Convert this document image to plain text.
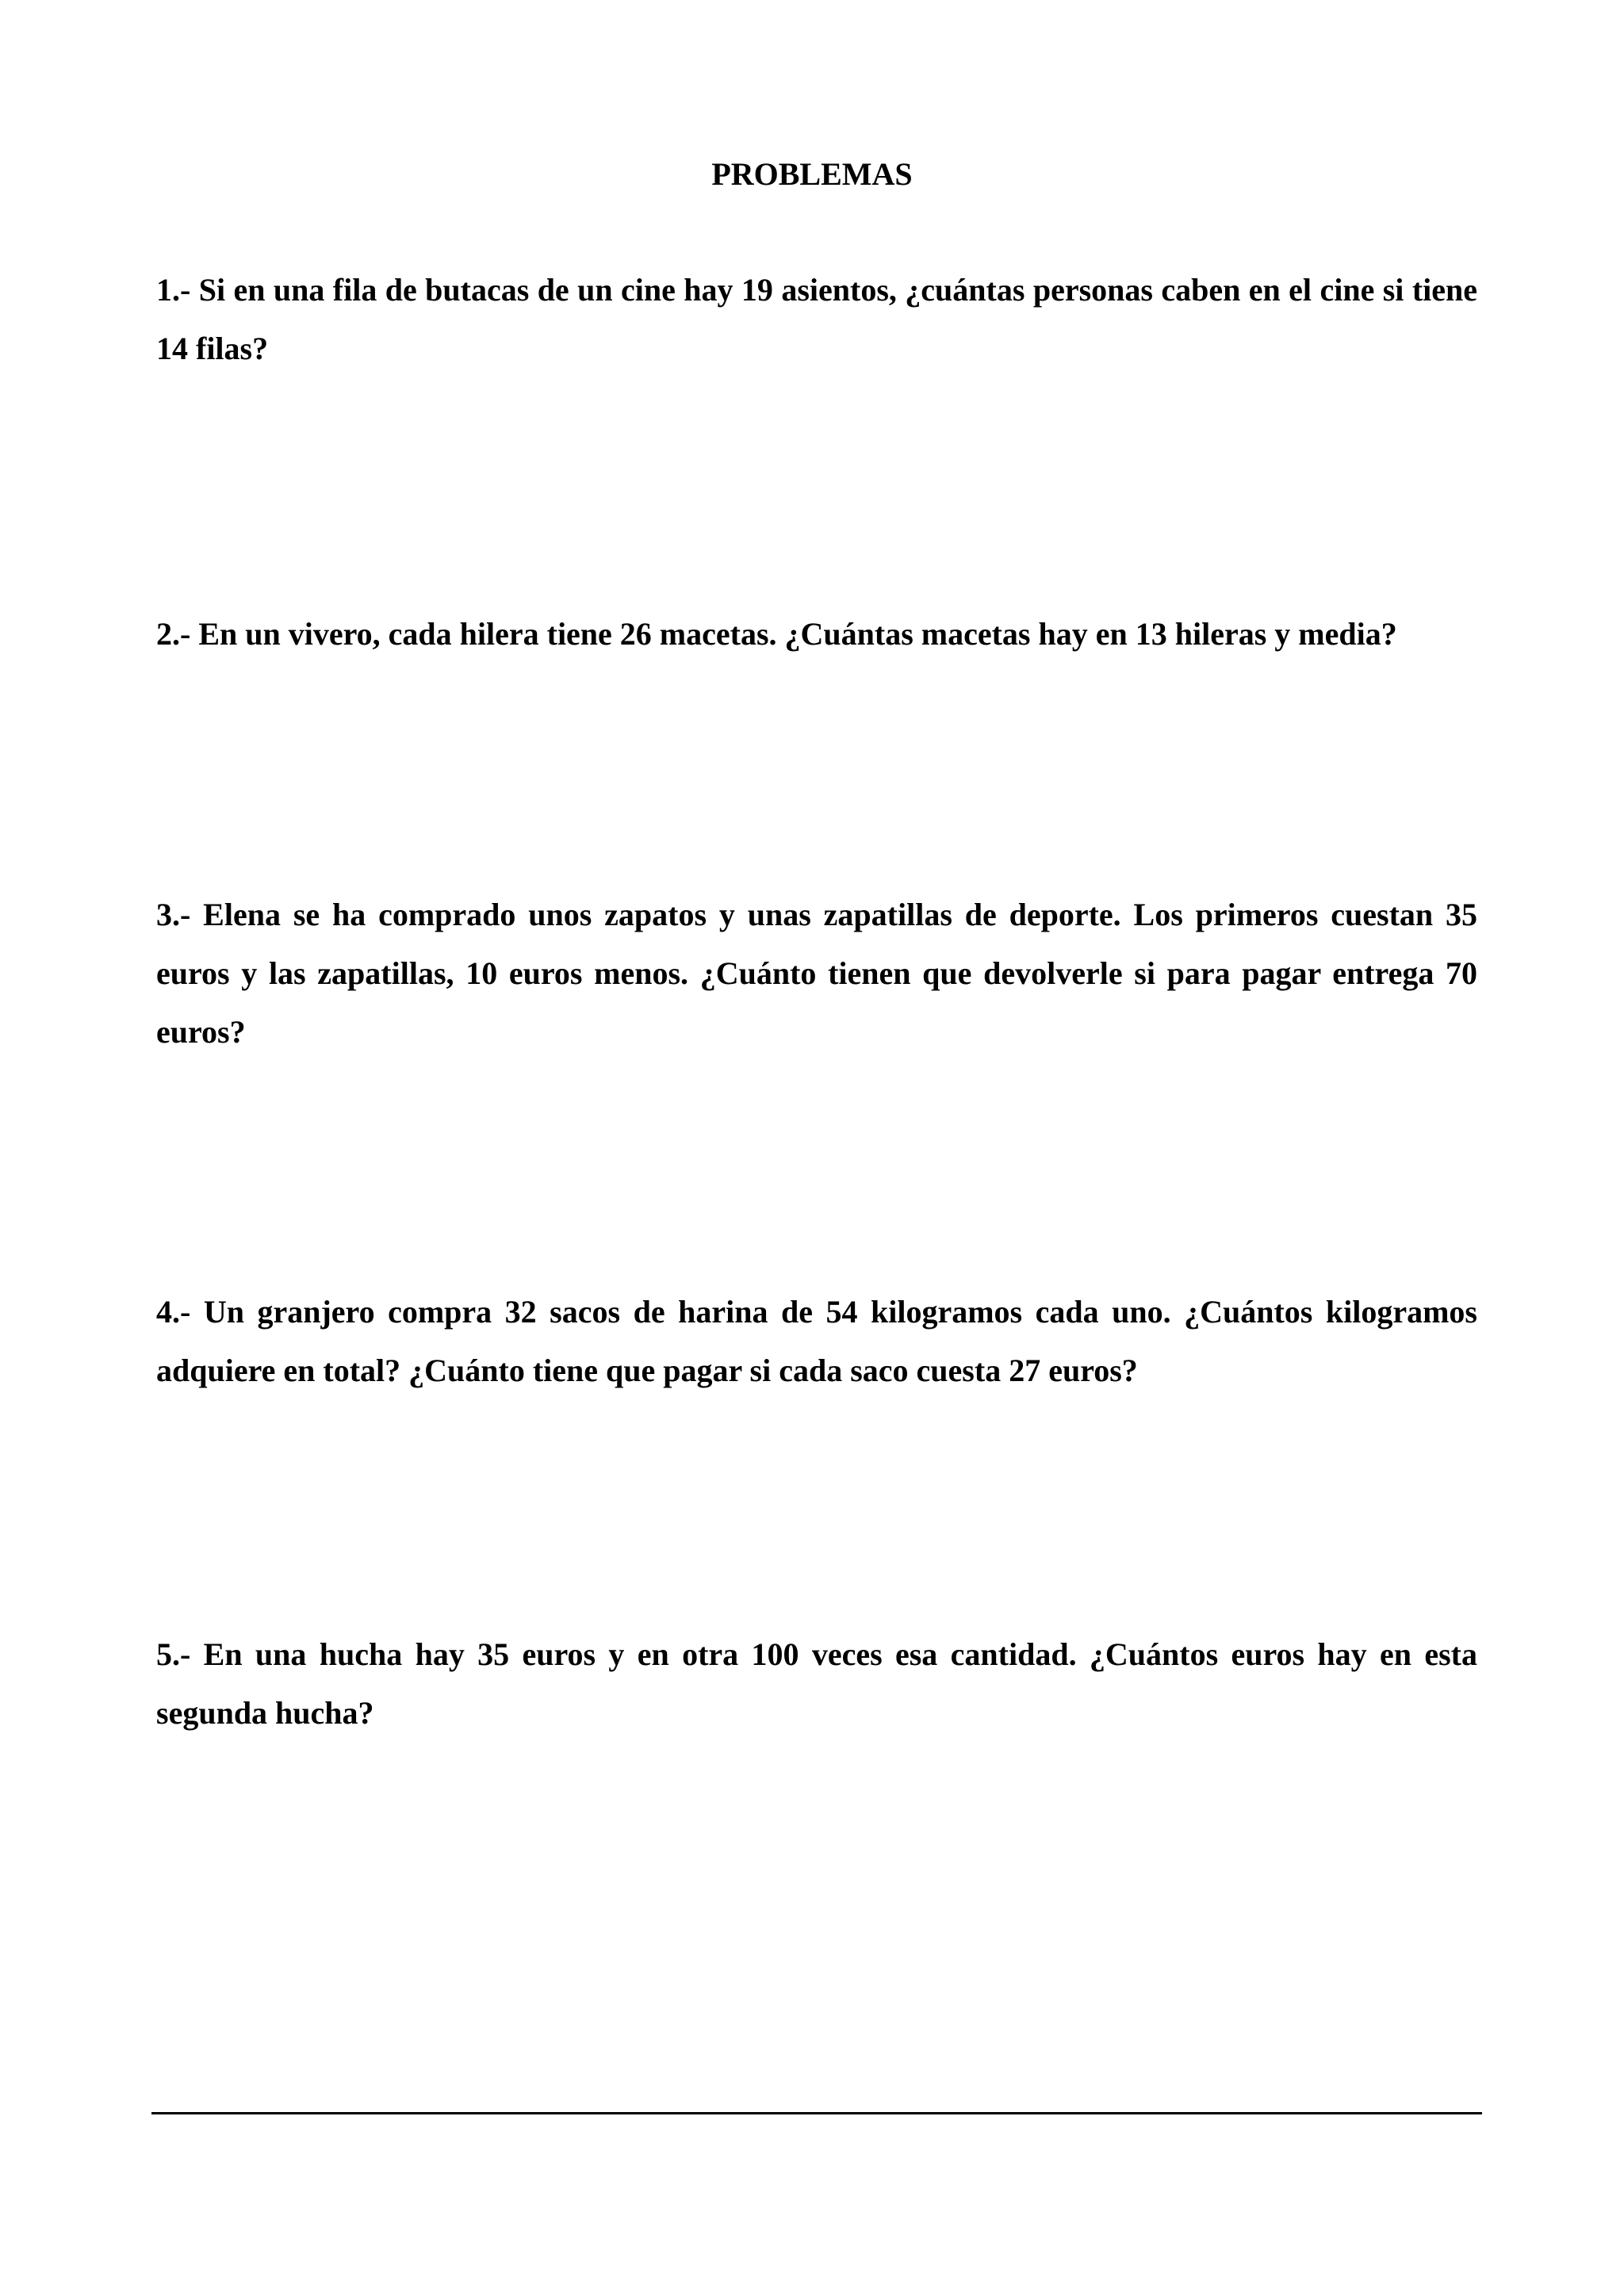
PROBLEMAS

1.- Si en una fila de butacas de un cine hay 19 asientos, ¿cuántas personas caben en el cine si tiene 14 filas?

2.- En un vivero, cada hilera tiene 26 macetas. ¿Cuántas macetas hay en 13 hileras y media?

3.- Elena se ha comprado unos zapatos y unas zapatillas de deporte. Los primeros cuestan 35 euros y las zapatillas, 10 euros menos. ¿Cuánto tienen que devolverle si para pagar entrega 70 euros?

4.- Un granjero compra 32 sacos de harina de 54 kilogramos cada uno. ¿Cuántos kilogramos adquiere en total? ¿Cuánto tiene que pagar si cada saco cuesta 27 euros?

5.- En una hucha hay 35 euros y en otra 100 veces esa cantidad. ¿Cuántos euros hay en esta segunda hucha?
